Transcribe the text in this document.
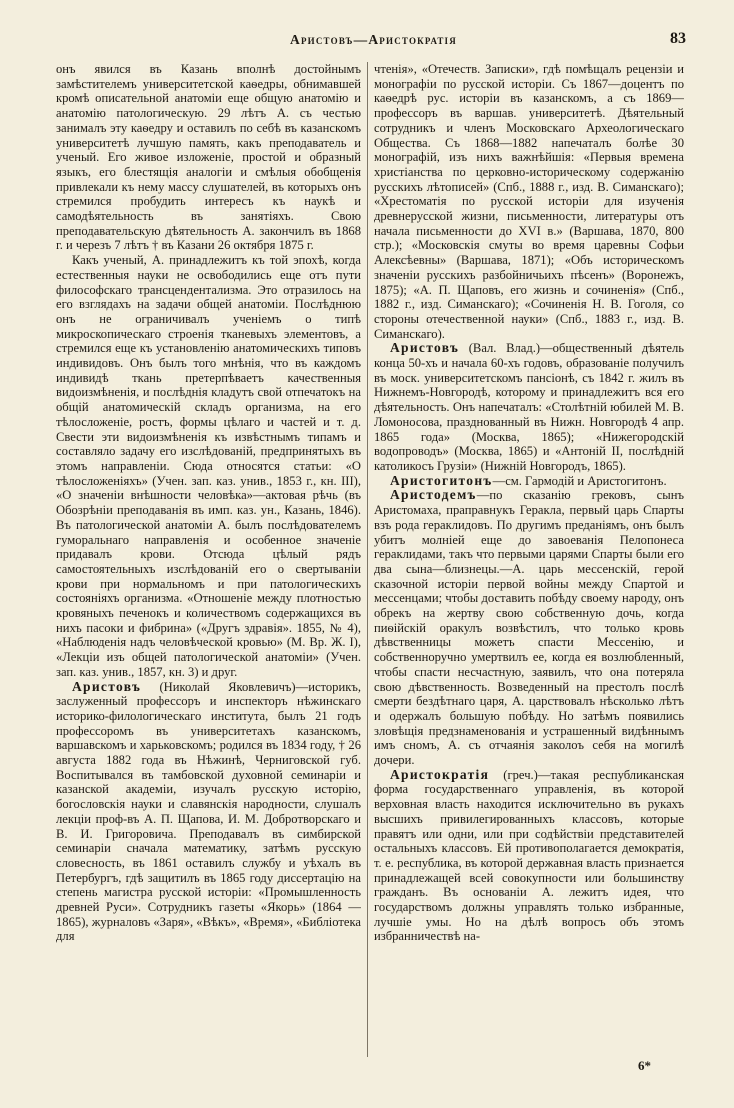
Аристовъ—Аристократія	83

онъ явился въ Казань вполнѣ достойнымъ замѣстителемъ университетской каѳедры, обнимавшей кромѣ описательной анатоміи еще общую анатомію и анатомію патологическую. 29 лѣтъ А. съ честью занималъ эту каѳедру и оставилъ по себѣ въ казанскомъ университетѣ лучшую память, какъ преподаватель и ученый. Его живое изложеніе, простой и образный языкъ, его блестящія аналогіи и смѣлыя обобщенія привлекали къ нему массу слушателей, въ которыхъ онъ стремился пробудить интересъ къ наукѣ и самодѣятельность въ занятіяхъ. Свою преподавательскую дѣятельность А. закончилъ въ 1868 г. и черезъ 7 лѣтъ † въ Казани 26 октября 1875 г.

Какъ ученый, А. принадлежитъ къ той эпохѣ, когда естественныя науки не освободились еще отъ пути философскаго трансцендентализма. Это отразилось на его взглядахъ на задачи общей анатоміи. Послѣднюю онъ не ограничивалъ ученіемъ о типѣ микроскопическаго строенія тканевыхъ элементовъ, а стремился еще къ установленію анатомическихъ типовъ индивидовъ. Онъ былъ того мнѣнія, что въ каждомъ индивидѣ ткань претерпѣваетъ качественныя видоизмѣненія, и послѣднія кладутъ свой отпечатокъ на общій анатомическій складъ организма, на его тѣлосложеніе, ростъ, формы цѣлаго и частей и т. д. Свести эти видоизмѣненія къ извѣстнымъ типамъ и составляло задачу его изслѣдованій, предпринятыхъ въ этомъ направленіи. Сюда относятся статьи: «О тѣлосложеніяхъ» (Учен. зап. каз. унив., 1853 г., кн. III), «О значеніи внѣшности человѣка»—актовая рѣчь (въ Обозрѣніи преподаванія въ имп. каз. ун., Казань, 1846). Въ патологической анатоміи А. былъ послѣдователемъ гуморальнаго направленія и особенное значеніе придавалъ крови. Отсюда цѣлый рядъ самостоятельныхъ изслѣдованій его о свертываніи крови при нормальномъ и при патологическихъ состояніяхъ организма. «Отношеніе между плотностью кровяныхъ печенокъ и количествомъ содержащихся въ нихъ пасоки и фибрина» («Другъ здравія». 1855, № 4), «Наблюденія надъ человѣческой кровью» (М. Вр. Ж. I), «Лекціи изъ общей патологической анатоміи» (Учен. зап. каз. унив., 1857, кн. 3) и друг.

Аристовъ (Николай Яковлевичъ)—историкъ, заслуженный профессоръ и инспекторъ нѣжинскаго историко-филологическаго института, былъ 21 годъ профессоромъ въ университетахъ казанскомъ, варшавскомъ и харьковскомъ; родился въ 1834 году, † 26 августа 1882 года въ Нѣжинѣ, Черниговской губ. Воспитывался въ тамбовской духовной семинаріи и казанской академіи, изучалъ русскую исторію, богословскія науки и славянскія народности, слушалъ лекціи проф-въ А. П. Щапова, И. М. Добротворскаго и В. И. Григоровича. Преподавалъ въ симбирской семинаріи сначала математику, затѣмъ русскую словесность, въ 1861 оставилъ службу и уѣхалъ въ Петербургъ, гдѣ защитилъ въ 1865 году диссертацію на степень магистра русской исторіи: «Промышленность древней Руси». Сотрудникъ газеты «Якорь» (1864 — 1865), журналовъ «Заря», «Вѣкъ», «Время», «Библіотека для

чтенія», «Отечеств. Записки», гдѣ помѣщалъ рецензіи и монографіи по русской исторіи. Съ 1867—доцентъ по каѳедрѣ рус. исторіи въ казанскомъ, а съ 1869—профессоръ въ варшав. университетѣ. Дѣятельный сотрудникъ и членъ Московскаго Археологическаго Общества. Съ 1868—1882 напечаталъ болѣе 30 монографій, изъ нихъ важнѣйшія: «Первыя времена христіанства по церковно-историческому содержанію русскихъ лѣтописей» (Спб., 1888 г., изд. В. Симанскаго); «Хрестоматія по русской исторіи для изученія древнерусской жизни, письменности, литературы отъ начала письменности до XVI в.» (Варшава, 1870, 800 стр.); «Московскія смуты во время царевны Софьи Алексѣевны» (Варшава, 1871); «Объ историческомъ значеніи русскихъ разбойничьихъ пѣсенъ» (Воронежъ, 1875); «А. П. Щаповъ, его жизнь и сочиненія» (Спб., 1882 г., изд. Симанскаго); «Сочиненія Н. В. Гоголя, со стороны отечественной науки» (Спб., 1883 г., изд. В. Симанскаго).

Аристовъ (Вал. Влад.)—общественный дѣятель конца 50-хъ и начала 60-хъ годовъ, образованіе получилъ въ моск. университетскомъ пансіонѣ, съ 1842 г. жилъ въ Нижнемъ-Новгородѣ, которому и принадлежитъ вся его дѣятельность. Онъ напечаталъ: «Столѣтній юбилей М. В. Ломоносова, празднованный въ Нижн. Новгородѣ 4 апр. 1865 года» (Москва, 1865); «Нижегородскій водопроводъ» (Москва, 1865) и «Антоній II, послѣдній католикосъ Грузіи» (Нижній Новгородъ, 1865).

Аристогитонъ—см. Гармодій и Аристогитонъ.

Аристодемъ—по сказанію грековъ, сынъ Аристомаха, праправнукъ Геракла, первый царь Спарты взъ рода гераклидовъ. По другимъ преданіямъ, онъ былъ убитъ молніей еще до завоеванія Пелопонеса гераклидами, такъ что первыми царями Спарты были его два сына—близнецы.—А. царь мессенскій, герой сказочной исторіи первой войны между Спартой и мессенцами; чтобы доставить побѣду своему народу, онъ обрекъ на жертву свою собственную дочь, когда пиѳійскій оракулъ возвѣстилъ, что только кровь дѣвственницы можетъ спасти Мессенію, и собственноручно умертвилъ ее, когда ея возлюбленный, чтобы спасти несчастную, заявилъ, что она потеряла свою дѣвственность. Возведенный на престолъ послѣ смерти бездѣтнаго царя, А. царствовалъ нѣсколько лѣтъ и одержалъ большую побѣду. Но затѣмъ появились зловѣщія предзнаменованія и устрашенный видѣннымъ имъ сномъ, А. съ отчаянія заколоъ себя на могилѣ дочери.

Аристократія (греч.)—такая республиканская форма государственнаго управленія, въ которой верховная власть находится исключительно въ рукахъ высшихъ привилегированныхъ классовъ, которые правятъ или одни, или при содѣйствіи представителей остальныхъ классовъ. Ей противополагается демократія, т. е. республика, въ которой державная власть признается принадлежащей всей совокупности или большинству гражданъ. Въ основаніи А. лежитъ идея, что государствомъ должны управлять только избранные, лучшіе умы. Но на дѣлѣ вопросъ объ этомъ избранничествѣ на-

6*
